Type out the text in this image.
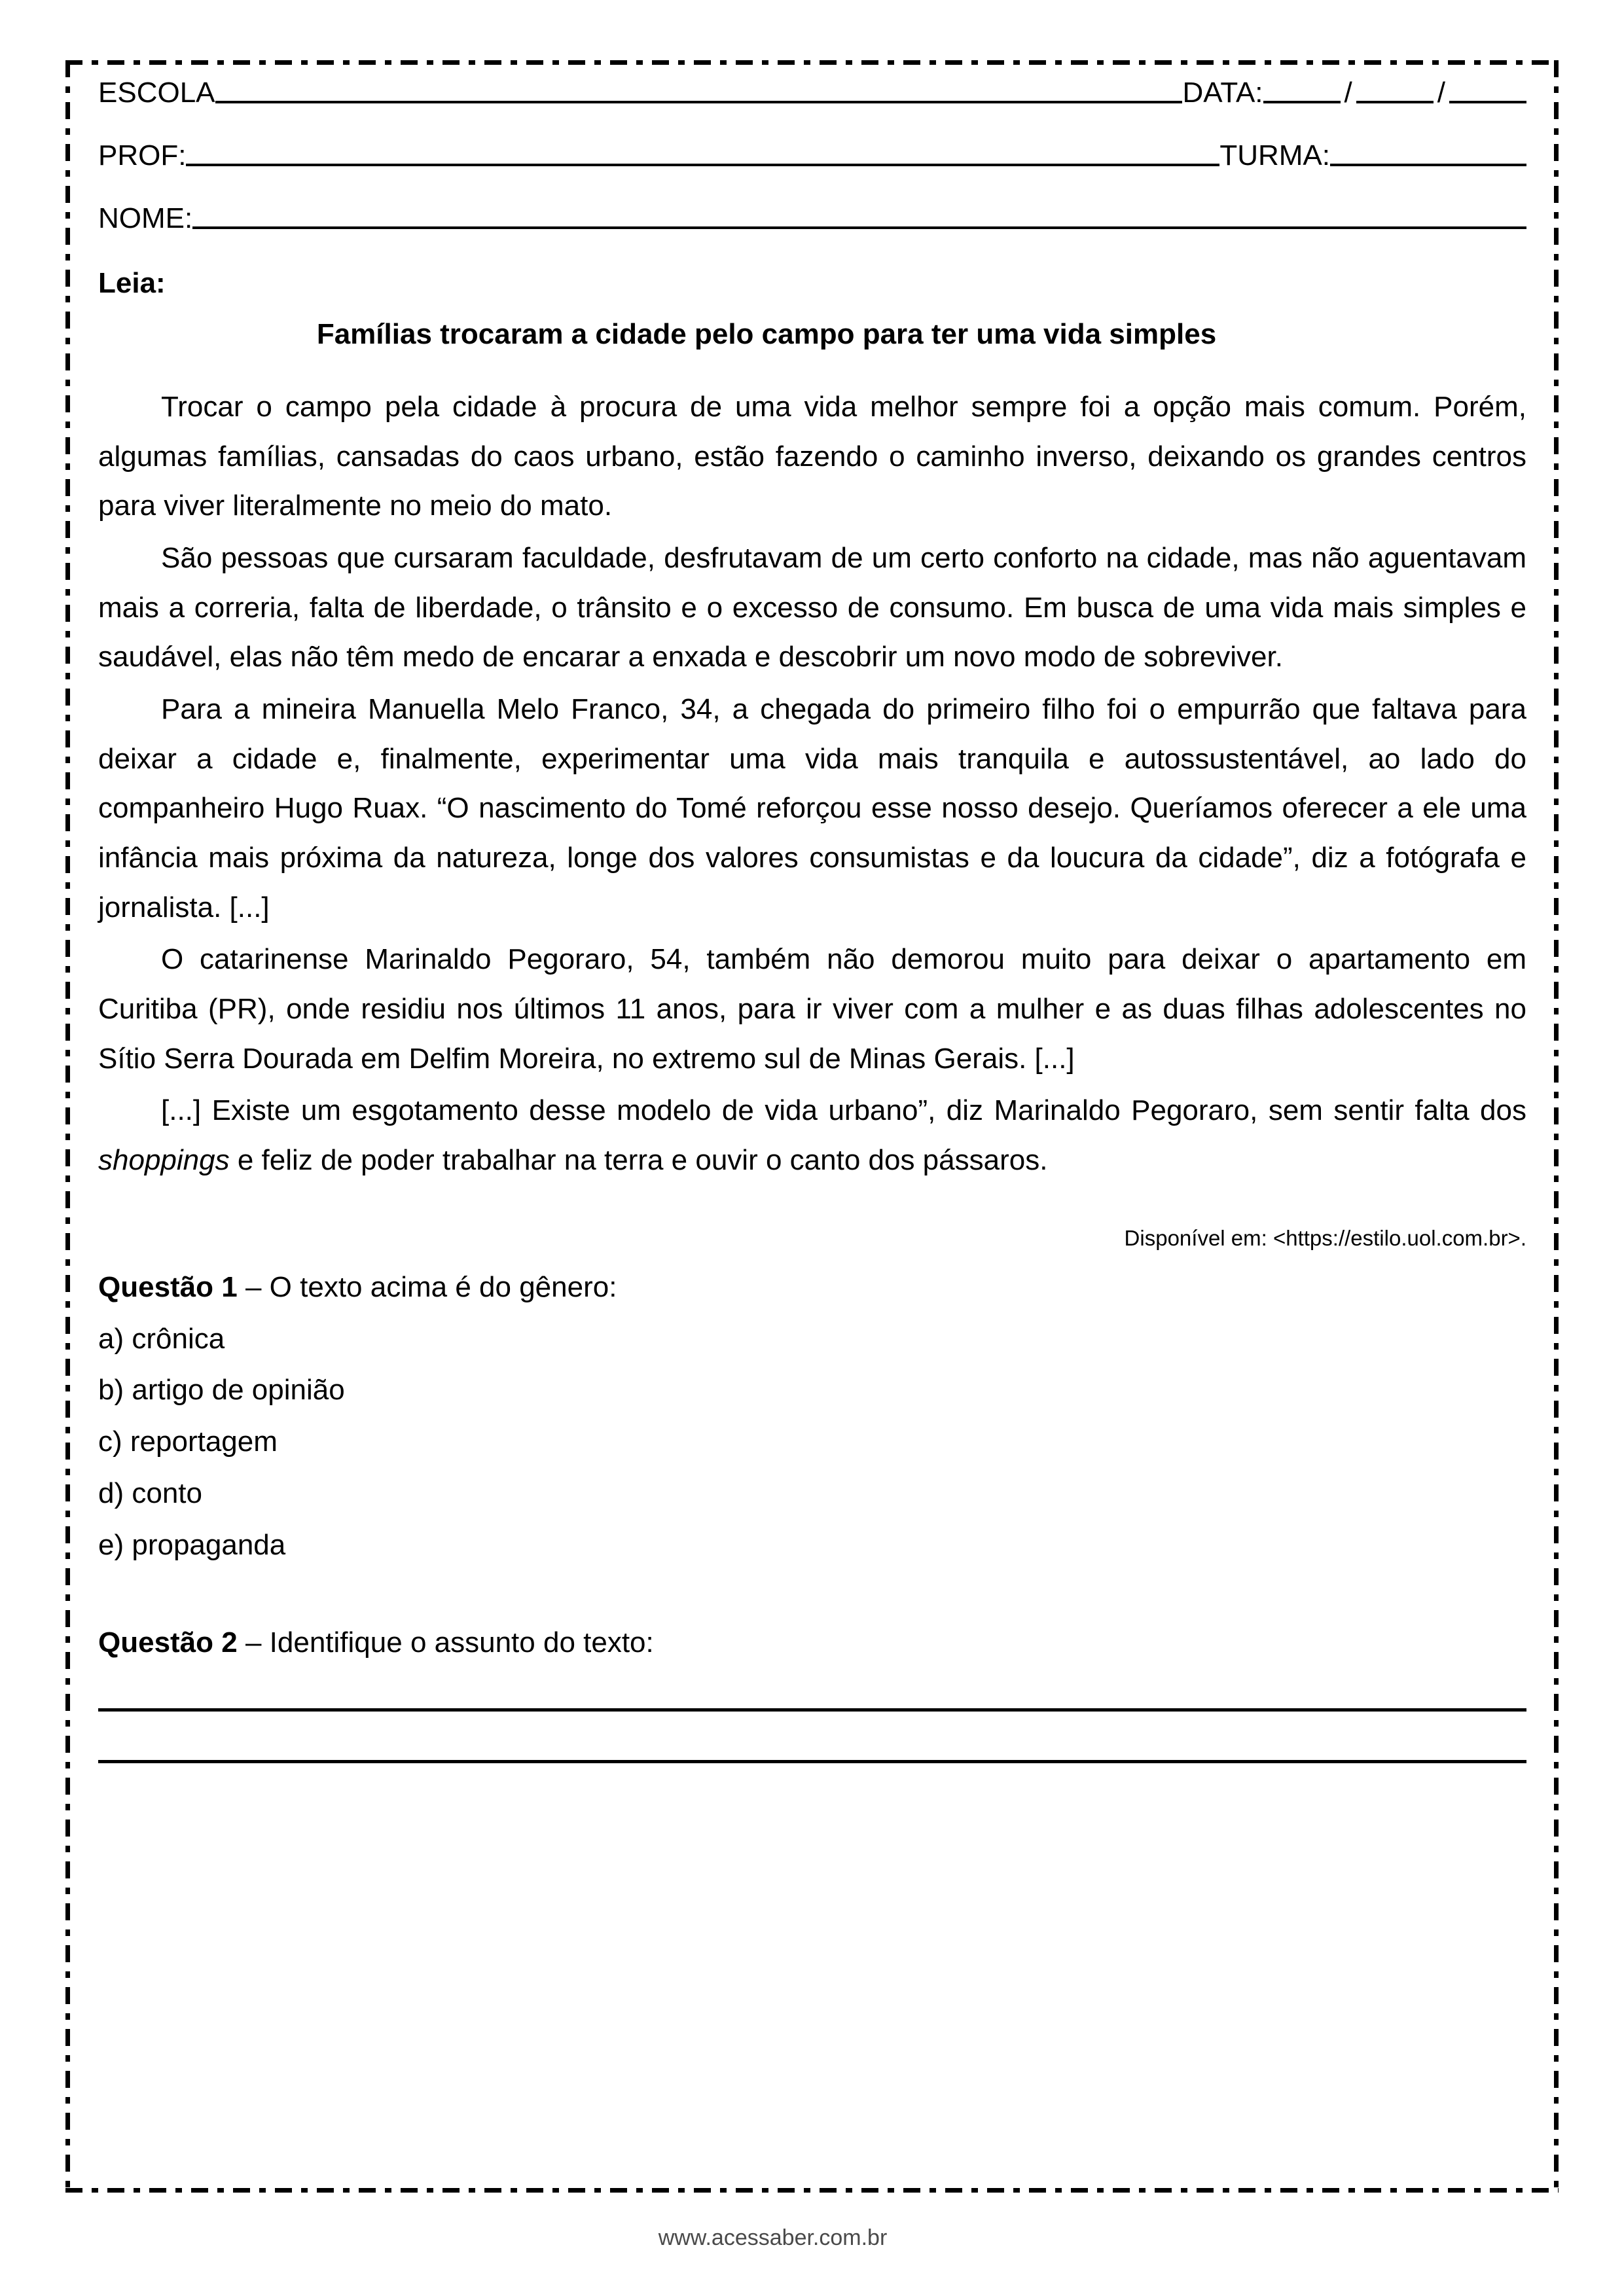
ESCOLA	DATA:	/	/
PROF:	TURMA:
NOME:
Leia:
Famílias trocaram a cidade pelo campo para ter uma vida simples

Trocar o campo pela cidade à procura de uma vida melhor sempre foi a opção mais comum. Porém, algumas famílias, cansadas do caos urbano, estão fazendo o caminho inverso, deixando os grandes centros para viver literalmente no meio do mato.

São pessoas que cursaram faculdade, desfrutavam de um certo conforto na cidade, mas não aguentavam mais a correria, falta de liberdade, o trânsito e o excesso de consumo. Em busca de uma vida mais simples e saudável, elas não têm medo de encarar a enxada e descobrir um novo modo de sobreviver.

Para a mineira Manuella Melo Franco, 34, a chegada do primeiro filho foi o empurrão que faltava para deixar a cidade e, finalmente, experimentar uma vida mais tranquila e autossustentável, ao lado do companheiro Hugo Ruax. “O nascimento do Tomé reforçou esse nosso desejo. Queríamos oferecer a ele uma infância mais próxima da natureza, longe dos valores consumistas e da loucura da cidade”, diz a fotógrafa e jornalista. [...]

O catarinense Marinaldo Pegoraro, 54, também não demorou muito para deixar o apartamento em Curitiba (PR), onde residiu nos últimos 11 anos, para ir viver com a mulher e as duas filhas adolescentes no Sítio Serra Dourada em Delfim Moreira, no extremo sul de Minas Gerais. [...]

[...] Existe um esgotamento desse modelo de vida urbano”, diz Marinaldo Pegoraro, sem sentir falta dos shoppings e feliz de poder trabalhar na terra e ouvir o canto dos pássaros.

Disponível em: <https://estilo.uol.com.br>.
Questão 1 – O texto acima é do gênero:
a) crônica
b) artigo de opinião
c) reportagem
d) conto
e) propaganda
Questão 2 – Identifique o assunto do texto:
www.acessaber.com.br
